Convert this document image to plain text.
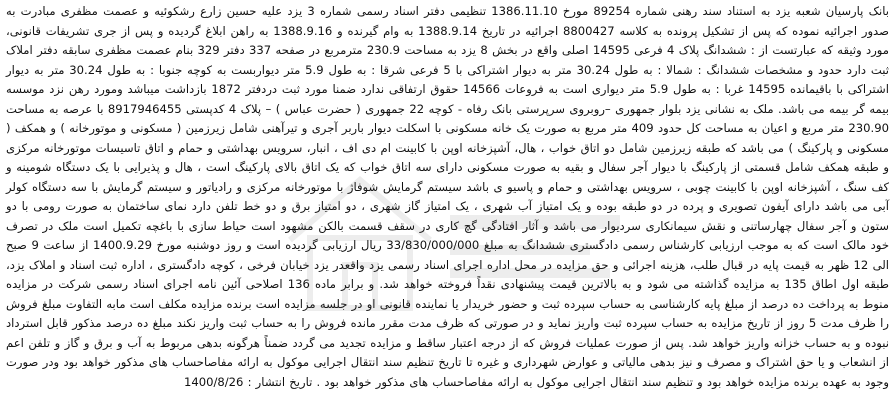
بانک پارسیان شعبه یزد به استناد سند رهنی شماره 89254 مورخ 1386.11.10 تنظیمی دفتر اسناد رسمی شماره 3 یزد علیه حسین زارع رشکوئیه و عصمت مظفری مبادرت به صدور اجرائیه نموده که پس از تشکیل پرونده به کلاسه 8800427 اجرائیه در تاریخ 1388.9.14 به وام گیرنده و 1388.9.16 به راهن ابلاغ گردیده و پس از جری تشریفات قانونی، مورد وثیقه که عبارتست از : ششدانگ پلاک 4 فرعی 14595 اصلی واقع در بخش 8 یزد به مساحت 230.9 مترمربع در صفحه 337 دفتر 329 بنام عصمت مظفری سابقه دفتر املاک ثبت دارد حدود و مشخصات ششدانگ : شمالا : به طول 30.24 متر به دیوار اشتراکی با 5 فرعی شرقا : به طول 5.9 متر دیواربست به کوچه جنوبا : به طول 30.24 متر به دیوار اشتراکی با باقیمانده 14595 غربا : به طول 5.9 متر دیواری است به فروعات 14566 حقوق ارتفاقی ندارد ضمنا مورد ثبت دردفتر 1872 بازداشت میباشد ومورد رهن نزد موسسه بیمه گر بیمه می باشد. ملک به نشانی یزد بلوار جمهوری –روبروی سرپرستی بانک رفاه - کوچه 22 جمهوری ( حضرت عباس ) – پلاک 4 کدپستی 8917946455 با عرصه به مساحت 230.90 متر مربع و اعیان به مساحت کل حدود 409 متر مربع به صورت یک خانه مسکونی با اسکلت دیوار باربر آجری و تیرآهنی شامل زیرزمین ( مسکونی و موتورخانه ) و همکف ( مسکونی و پارکینگ ) می باشد که طبقه زیرزمین شامل دو اتاق خواب ، هال، آشپزخانه اوپن با کابینت ام دی اف ، انبار، سرویس بهداشتی و حمام و اتاق تاسیسات موتورخانه مرکزی و طبقه همکف شامل قسمتی از پارکینگ با دیوار آجر سفال و بقیه به صورت مسکونی دارای سه اتاق خواب که یک اتاق بالای پارکینگ است ، هال و پذیرایی با یک دستگاه شومینه و کف سنگ ، آشپزخانه اوپن با کابینت چوبی ، سرویس بهداشتی و حمام و پاسیو ی باشد سیستم گرمایش شوفاژ با موتورخانه مرکزی و رادیاتور و سیستم گرمایش با سه دستگاه کولر آبی می باشد دارای آیفون تصویری و پرده در دو طبقه بوده و یک امتیاز آب شهری ، یک امتیاز گاز شهری ، دو امتیاز برق و دو خط تلفن دارد نمای ساختمان به صورت رومی با دو ستون و آجر سفال چهارساتنی و نقش سیمانکاری سردیوار می باشد و آثار افتادگی گچ کاری در سقف قسمت بالکن مشهود است حیاط سازی با باغچه تکمیل است ملک در تصرف خود مالک است که به موجب ارزیابی کارشناس رسمی دادگستری ششدانگ به مبلغ 33/830/000/000 ریال ارزیابی گردیده است و روز دوشنبه مورخ 1400.9.29 از ساعت 9 صبح الی 12 ظهر به قیمت پایه در قبال طلب، هزینه اجرائی و حق مزایده در محل اداره اجرای اسناد رسمی یزد واقعدر یزد خیابان فرخی ، کوچه دادگستری ، اداره ثبت اسناد و املاک یزد، طبقه اول اطاق 135 به مزایده گذاشته می شود و به بالاترین قیمت پیشنهادی نقداً فروخته خواهد شد. و برابر ماده 136 اصلاحی آئین نامه اجرای اسناد رسمی شرکت در مزایده منوط به پرداخت ده درصد از مبلغ پایه کارشناسی به حساب سپرده ثبت و حضور خریدار یا نماینده قانونی او در جلسه مزایده است برنده مزایده مکلف است مابه التفاوت مبلغ فروش را ظرف مدت 5 روز از تاریخ مزایده به حساب سپرده ثبت واریز نماید و در صورتی که ظرف مدت مقرر مانده فروش را به حساب ثبت واریز نکند مبلغ ده درصد مذکور قابل استرداد نبوده و به حساب خزانه واریز خواهد شد. پس از صورت عملیات فروش که از درجه اعتبار ساقط و مزایده تجدید می گردد ضمناً هرگونه بدهی مربوط به آب و برق و گاز و تلفن اعم از انشعاب و یا حق اشتراک و مصرف و نیز بدهی مالیاتی و عوارض شهرداری و غیره تا تاریخ تنظیم سند انتقال اجرایی موکول به ارائه مفاصاحساب های مذکور خواهد بود ودر صورت وجود به عهده برنده مزایده خواهد بود و تنظیم سند انتقال اجرایی موکول به ارائه مفاصاحساب های مذکور خواهد بود . تاریخ انتشار : 1400/8/26
